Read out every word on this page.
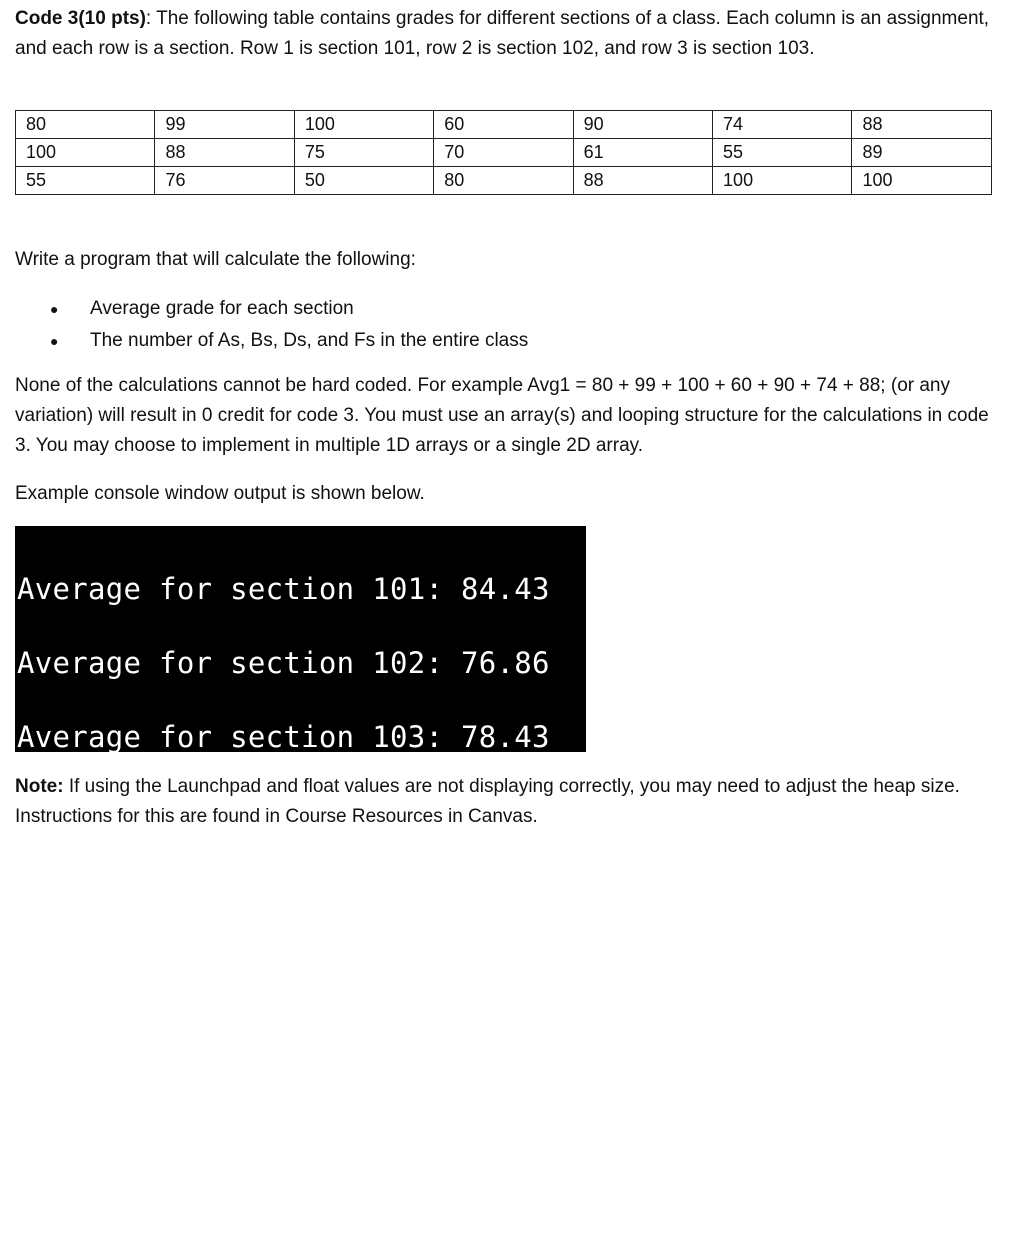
Code 3(10 pts): The following table contains grades for different sections of a class. Each column is an assignment, and each row is a section. Row 1 is section 101, row 2 is section 102, and row 3 is section 103.
80	99	100	60	90	74	88
100	88	75	70	61	55	89
55	76	50	80	88	100	100
Write a program that will calculate the following:
● Average grade for each section
● The number of As, Bs, Ds, and Fs in the entire class
None of the calculations cannot be hard coded. For example Avg1 = 80 + 99 + 100 + 60 + 90 + 74 + 88; (or any variation) will result in 0 credit for code 3. You must use an array(s) and looping structure for the calculations in code 3. You may choose to implement in multiple 1D arrays or a single 2D array.
Example console window output is shown below.

Average for section 101: 84.43

Average for section 102: 76.86

Average for section 103: 78.43

The number of As is 6

The number of Bs is 6

The number of Cs is 4

The number of Ds is 2

The number of Fs is 3

Note: If using the Launchpad and float values are not displaying correctly, you may need to adjust the heap size. Instructions for this are found in Course Resources in Canvas.
